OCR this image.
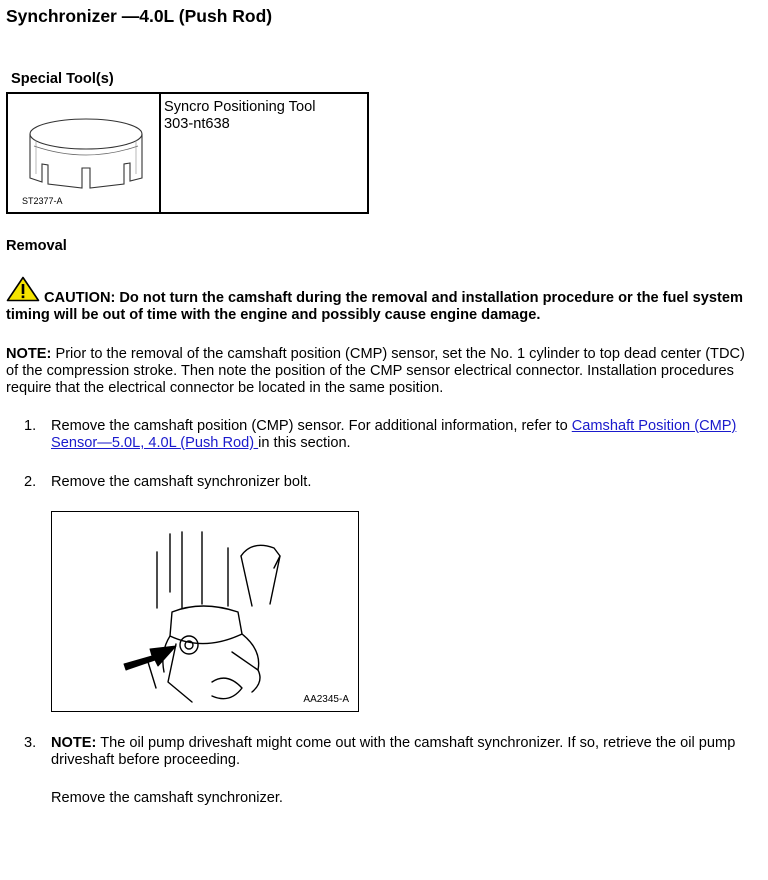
Synchronizer —4.0L (Push Rod)
Special Tool(s)
ST2377-A
Syncro Positioning Tool
303-nt638
Removal
CAUTION: Do not turn the camshaft during the removal and installation procedure or the fuel system timing will be out of time with the engine and possibly cause engine damage.
NOTE: Prior to the removal of the camshaft position (CMP) sensor, set the No. 1 cylinder to top dead center (TDC) of the compression stroke. Then note the position of the CMP sensor electrical connector. Installation procedures require that the electrical connector be located in the same position.
1. Remove the camshaft position (CMP) sensor. For additional information, refer to Camshaft Position (CMP) Sensor—5.0L, 4.0L (Push Rod) in this section.
2. Remove the camshaft synchronizer bolt.
AA2345-A
3. NOTE: The oil pump driveshaft might come out with the camshaft synchronizer. If so, retrieve the oil pump driveshaft before proceeding.
Remove the camshaft synchronizer.
